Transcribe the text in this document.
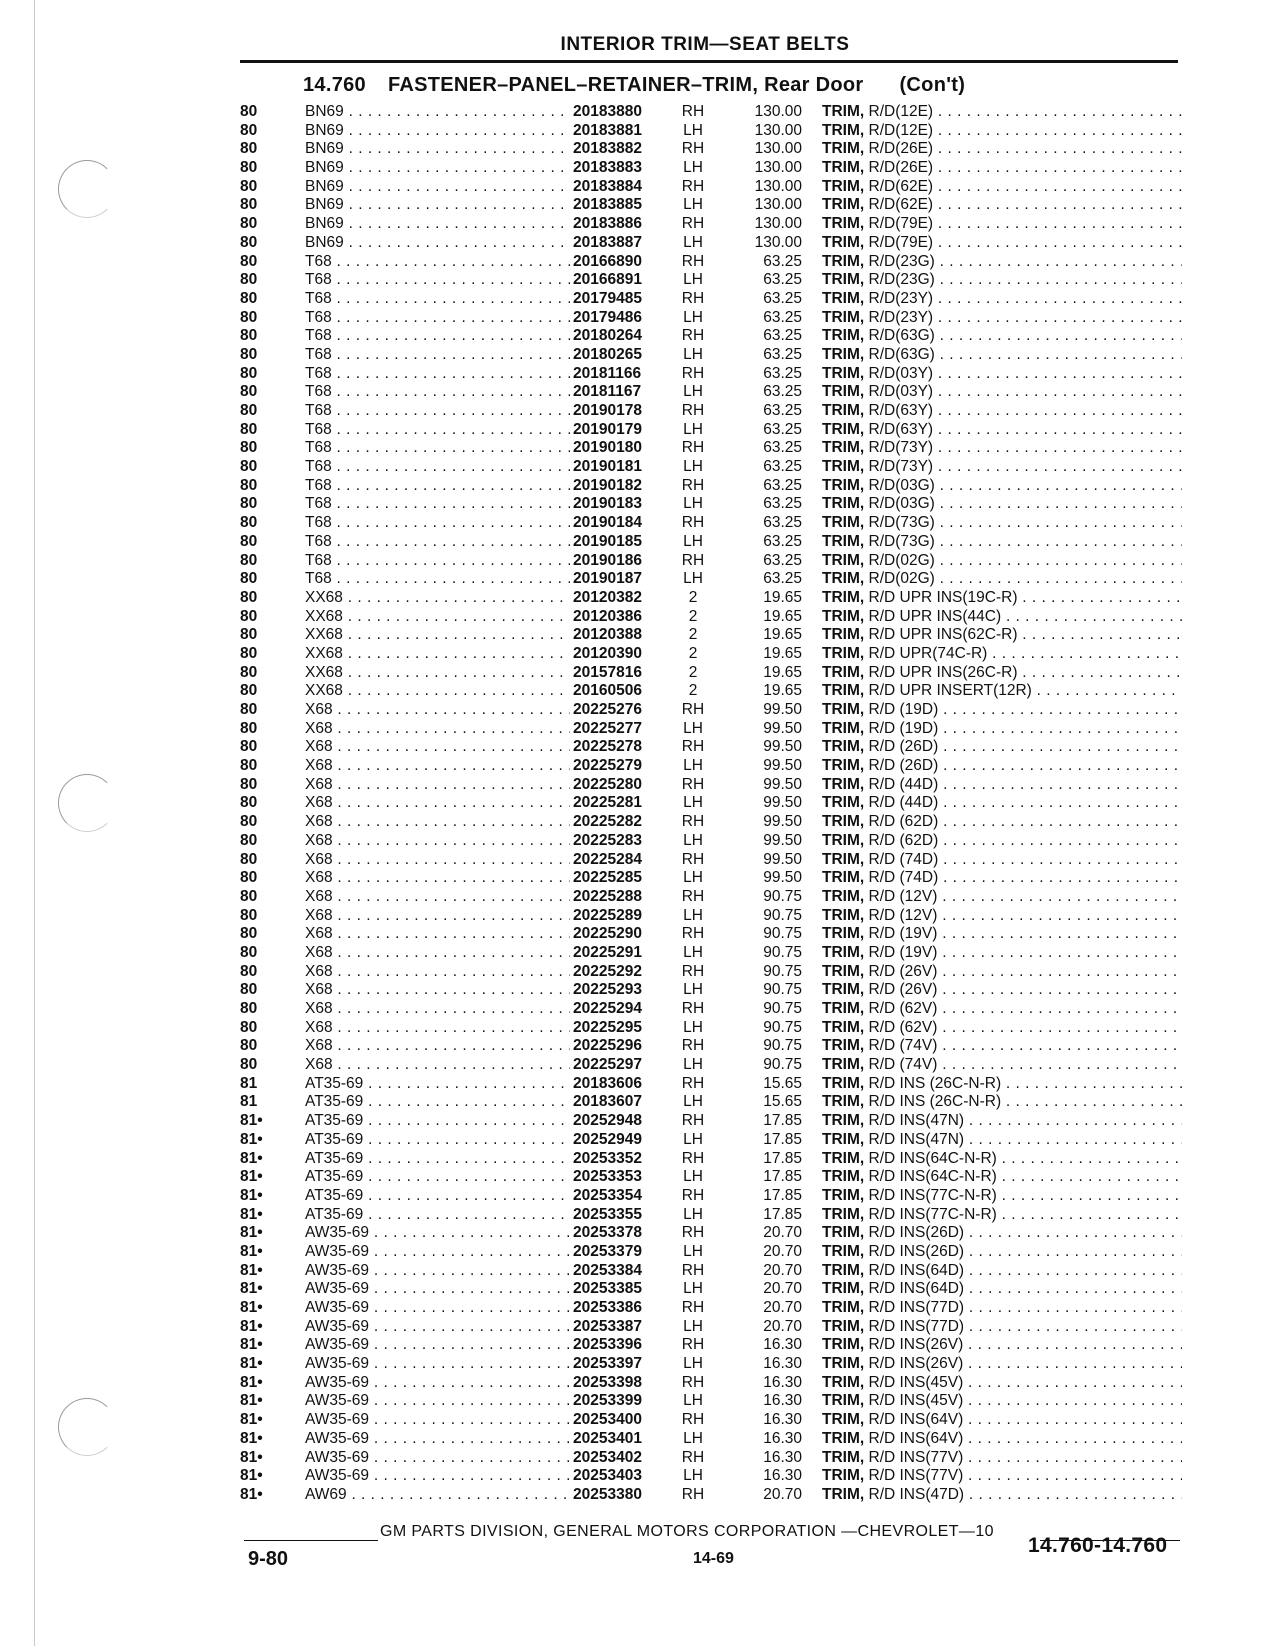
INTERIOR TRIM—SEAT BELTS
14.760 FASTENER–PANEL–RETAINER–TRIM, Rear Door (Con't)
80	BN69 . . .	20183880	RH	130.00 TRIM, R/D(12E) . . .
80	BN69 . . .	20183881	LH	130.00 TRIM, R/D(12E) . . .
80	BN69 . . .	20183882	RH	130.00 TRIM, R/D(26E) . . .
80	BN69 . . .	20183883	LH	130.00 TRIM, R/D(26E) . . .
80	BN69 . . .	20183884	RH	130.00 TRIM, R/D(62E) . . .
80	BN69 . . .	20183885	LH	130.00 TRIM, R/D(62E) . . .
80	BN69 . . .	20183886	RH	130.00 TRIM, R/D(79E) . . .
80	BN69 . . .	20183887	LH	130.00 TRIM, R/D(79E) . . .
80	T68 . . .	20166890	RH	63.25 TRIM, R/D(23G) . . .
80	T68 . . .	20166891	LH	63.25 TRIM, R/D(23G) . . .
80	T68 . . .	20179485	RH	63.25 TRIM, R/D(23Y) . . .
80	T68 . . .	20179486	LH	63.25 TRIM, R/D(23Y) . . .
80	T68 . . .	20180264	RH	63.25 TRIM, R/D(63G) . . .
80	T68 . . .	20180265	LH	63.25 TRIM, R/D(63G) . . .
80	T68 . . .	20181166	RH	63.25 TRIM, R/D(03Y) . . .
80	T68 . . .	20181167	LH	63.25 TRIM, R/D(03Y) . . .
80	T68 . . .	20190178	RH	63.25 TRIM, R/D(63Y) . . .
80	T68 . . .	20190179	LH	63.25 TRIM, R/D(63Y) . . .
80	T68 . . .	20190180	RH	63.25 TRIM, R/D(73Y) . . .
80	T68 . . .	20190181	LH	63.25 TRIM, R/D(73Y) . . .
80	T68 . . .	20190182	RH	63.25 TRIM, R/D(03G) . . .
80	T68 . . .	20190183	LH	63.25 TRIM, R/D(03G) . . .
80	T68 . . .	20190184	RH	63.25 TRIM, R/D(73G) . . .
80	T68 . . .	20190185	LH	63.25 TRIM, R/D(73G) . . .
80	T68 . . .	20190186	RH	63.25 TRIM, R/D(02G) . . .
80	T68 . . .	20190187	LH	63.25 TRIM, R/D(02G) . . .
80	XX68 . . .	20120382	2	19.65 TRIM, R/D UPR INS(19C-R) . . .
80	XX68 . . .	20120386	2	19.65 TRIM, R/D UPR INS(44C) . . .
80	XX68 . . .	20120388	2	19.65 TRIM, R/D UPR INS(62C-R) . . .
80	XX68 . . .	20120390	2	19.65 TRIM, R/D UPR(74C-R) . . .
80	XX68 . . .	20157816	2	19.65 TRIM, R/D UPR INS(26C-R) . . .
80	XX68 . . .	20160506	2	19.65 TRIM, R/D UPR INSERT(12R) . . .
80	X68 . . .	20225276	RH	99.50 TRIM, R/D (19D) . . .
80	X68 . . .	20225277	LH	99.50 TRIM, R/D (19D) . . .
80	X68 . . .	20225278	RH	99.50 TRIM, R/D (26D) . . .
80	X68 . . .	20225279	LH	99.50 TRIM, R/D (26D) . . .
80	X68 . . .	20225280	RH	99.50 TRIM, R/D (44D) . . .
80	X68 . . .	20225281	LH	99.50 TRIM, R/D (44D) . . .
80	X68 . . .	20225282	RH	99.50 TRIM, R/D (62D) . . .
80	X68 . . .	20225283	LH	99.50 TRIM, R/D (62D) . . .
80	X68 . . .	20225284	RH	99.50 TRIM, R/D (74D) . . .
80	X68 . . .	20225285	LH	99.50 TRIM, R/D (74D) . . .
80	X68 . . .	20225288	RH	90.75 TRIM, R/D (12V) . . .
80	X68 . . .	20225289	LH	90.75 TRIM, R/D (12V) . . .
80	X68 . . .	20225290	RH	90.75 TRIM, R/D (19V) . . .
80	X68 . . .	20225291	LH	90.75 TRIM, R/D (19V) . . .
80	X68 . . .	20225292	RH	90.75 TRIM, R/D (26V) . . .
80	X68 . . .	20225293	LH	90.75 TRIM, R/D (26V) . . .
80	X68 . . .	20225294	RH	90.75 TRIM, R/D (62V) . . .
80	X68 . . .	20225295	LH	90.75 TRIM, R/D (62V) . . .
80	X68 . . .	20225296	RH	90.75 TRIM, R/D (74V) . . .
80	X68 . . .	20225297	LH	90.75 TRIM, R/D (74V) . . .
81	AT35-69 . . .	20183606	RH	15.65 TRIM, R/D INS (26C-N-R) . . .
81	AT35-69 . . .	20183607	LH	15.65 TRIM, R/D INS (26C-N-R) . . .
81•	AT35-69 . . .	20252948	RH	17.85 TRIM, R/D INS(47N) . . .
81•	AT35-69 . . .	20252949	LH	17.85 TRIM, R/D INS(47N) . . .
81•	AT35-69 . . .	20253352	RH	17.85 TRIM, R/D INS(64C-N-R) . . .
81•	AT35-69 . . .	20253353	LH	17.85 TRIM, R/D INS(64C-N-R) . . .
81•	AT35-69 . . .	20253354	RH	17.85 TRIM, R/D INS(77C-N-R) . . .
81•	AT35-69 . . .	20253355	LH	17.85 TRIM, R/D INS(77C-N-R) . . .
81•	AW35-69 . . .	20253378	RH	20.70 TRIM, R/D INS(26D) . . .
81•	AW35-69 . . .	20253379	LH	20.70 TRIM, R/D INS(26D) . . .
81•	AW35-69 . . .	20253384	RH	20.70 TRIM, R/D INS(64D) . . .
81•	AW35-69 . . .	20253385	LH	20.70 TRIM, R/D INS(64D) . . .
81•	AW35-69 . . .	20253386	RH	20.70 TRIM, R/D INS(77D) . . .
81•	AW35-69 . . .	20253387	LH	20.70 TRIM, R/D INS(77D) . . .
81•	AW35-69 . . .	20253396	RH	16.30 TRIM, R/D INS(26V) . . .
81•	AW35-69 . . .	20253397	LH	16.30 TRIM, R/D INS(26V) . . .
81•	AW35-69 . . .	20253398	RH	16.30 TRIM, R/D INS(45V) . . .
81•	AW35-69 . . .	20253399	LH	16.30 TRIM, R/D INS(45V) . . .
81•	AW35-69 . . .	20253400	RH	16.30 TRIM, R/D INS(64V) . . .
81•	AW35-69 . . .	20253401	LH	16.30 TRIM, R/D INS(64V) . . .
81•	AW35-69 . . .	20253402	RH	16.30 TRIM, R/D INS(77V) . . .
81•	AW35-69 . . .	20253403	LH	16.30 TRIM, R/D INS(77V) . . .
81•	AW69 . . .	20253380	RH	20.70 TRIM, R/D INS(47D) . . .
GM PARTS DIVISION, GENERAL MOTORS CORPORATION —CHEVROLET—10
9-80	14-69
14.760-14.760
